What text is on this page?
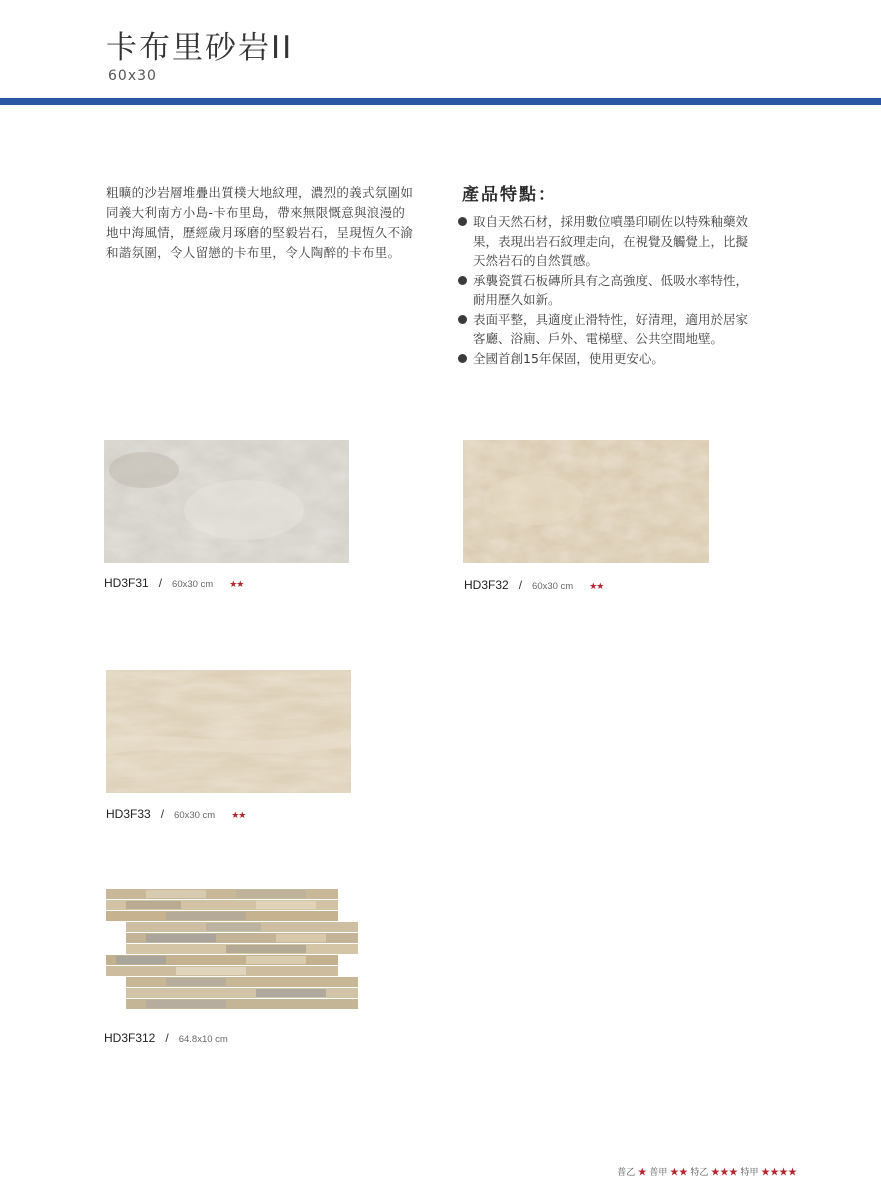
卡布里砂岩II
60x30
粗曠的沙岩層堆疊出質樸大地紋理，濃烈的義式氛圍如同義大利南方小島-卡布里島，帶來無限慨意與浪漫的地中海風情，歷經歲月琢磨的堅毅岩石，呈現恆久不渝和諧氛圍，令人留戀的卡布里，令人陶醉的卡布里。
產品特點：
取自天然石材，採用數位噴墨印刷佐以特殊釉藥效果，表現出岩石紋理走向，在視覺及觸覺上，比擬天然岩石的自然質感。
承襲瓷質石板磚所具有之高強度、低吸水率特性，耐用歷久如新。
表面平整，具適度止滑特性，好清理，適用於居家客廳、浴廁、戶外、電梯壁、公共空間地壁。
全國首創15年保固，使用更安心。
HD3F31 / 60x30 cm ★★	HD3F32 / 60x30 cm ★★
HD3F33 / 60x30 cm ★★
HD3F312 / 64.8x10 cm
普乙 ★ 普甲 ★★ 特乙 ★★★ 特甲 ★★★★
